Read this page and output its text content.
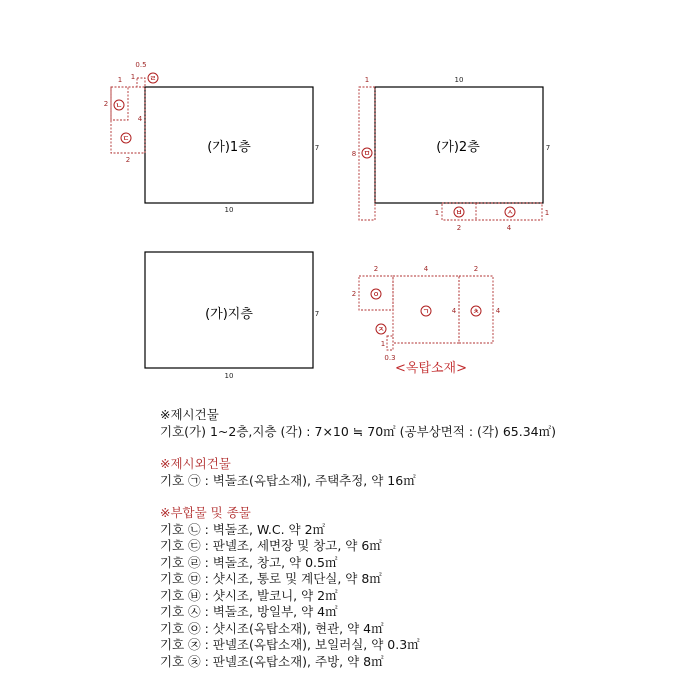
(가)1층
0.5
1
1
2
4
2
7
10
ㄹ
ㄴ
ㄷ
(가)2층
1	10
8
7
1
2	4
1
ㅁ
ㅂ	ㅅ
(가)지층	7
10
2	4	2
2
4	4
1
0.3
ㅇ
ㄱ
ㅈ
ㅊ
<옥탑소재>
※제시건물
기호(가) 1~2층,지층 (각) : 7×10 ≒ 70㎡ (공부상면적 : (각) 65.34㎡)
※제시외건물
기호 ㉠ : 벽돌조(옥탑소재), 주택추정, 약 16㎡
※부합물 및 종물
기호 ㉡ : 벽돌조, W.C. 약 2㎡
기호 ㉢ : 판넬조, 세면장 및 창고, 약 6㎡
기호 ㉣ : 벽돌조, 창고, 약 0.5㎡
기호 ㉤ : 샷시조, 통로 및 계단실, 약 8㎡
기호 ㉥ : 샷시조, 발코니, 약 2㎡
기호 ㉦ : 벽돌조, 방일부, 약 4㎡
기호 ㉧ : 샷시조(옥탑소재), 현관, 약 4㎡
기호 ㉨ : 판넬조(옥탑소재), 보일러실, 약 0.3㎡
기호 ㉩ : 판넬조(옥탑소재), 주방, 약 8㎡
